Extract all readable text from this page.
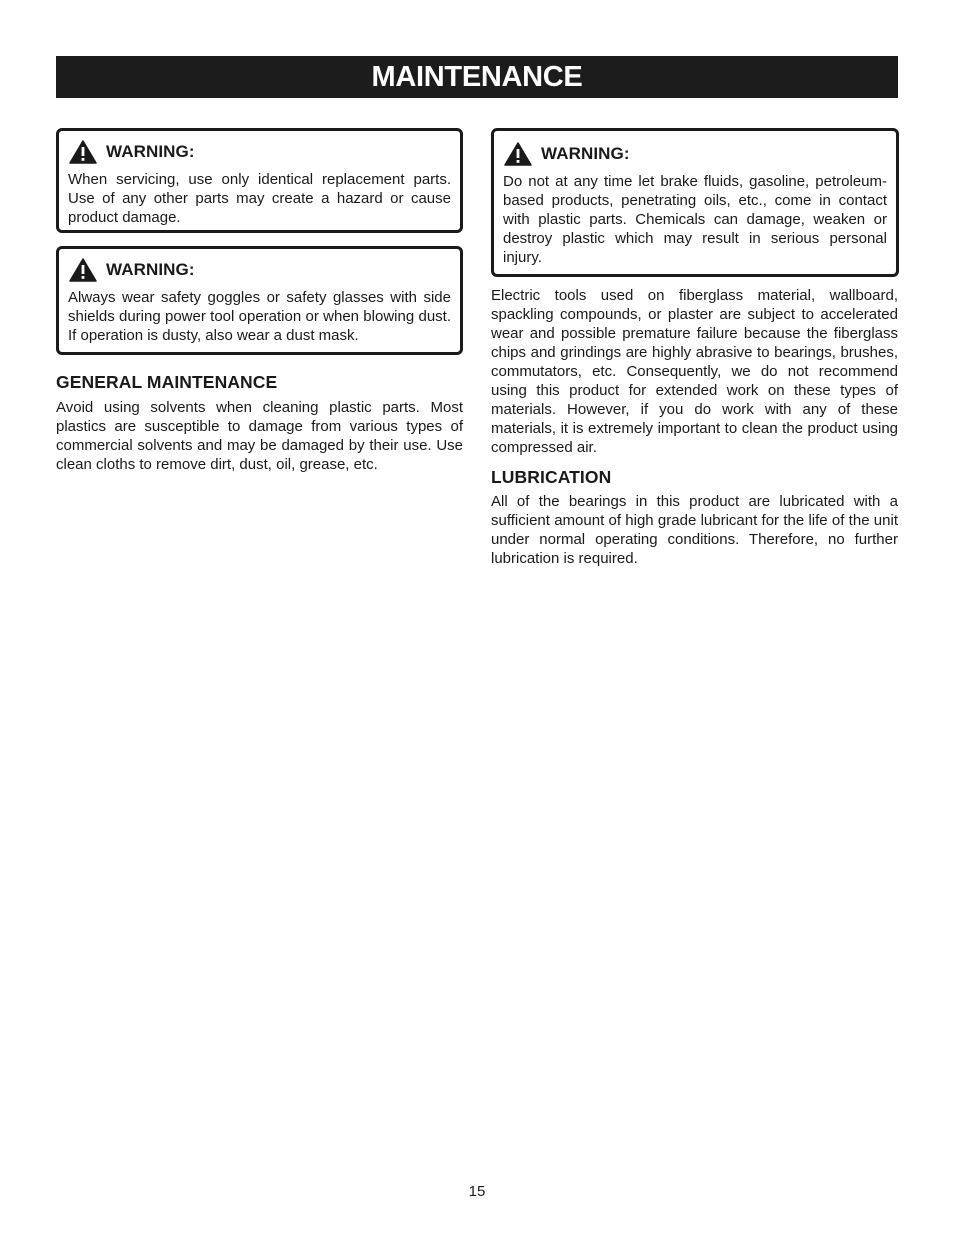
MAINTENANCE
WARNING:

When servicing, use only identical replacement parts. Use of any other parts may create a hazard or cause product damage.

WARNING:

Always wear safety goggles or safety glasses with side shields during power tool operation or when blowing dust. If operation is dusty, also wear a dust mask.

GENERAL MAINTENANCE

Avoid using solvents when cleaning plastic parts. Most plastics are susceptible to damage from various types of commercial solvents and may be damaged by their use. Use clean cloths to remove dirt, dust, oil, grease, etc.

WARNING:

Do not at any time let brake fluids, gasoline, petroleum-based products, penetrating oils, etc., come in contact with plastic parts. Chemicals can damage, weaken or destroy plastic which may result in serious personal injury.

Electric tools used on fiberglass material, wallboard, spackling compounds, or plaster are subject to accelerated wear and possible premature failure because the fiberglass chips and grindings are highly abrasive to bearings, brushes, commutators, etc. Consequently, we do not recommend using this product for extended work on these types of materials. However, if you do work with any of these materials, it is extremely important to clean the product using compressed air.

LUBRICATION

All of the bearings in this product are lubricated with a sufficient amount of high grade lubricant for the life of the unit under normal operating conditions. Therefore, no further lubrication is required.

15
